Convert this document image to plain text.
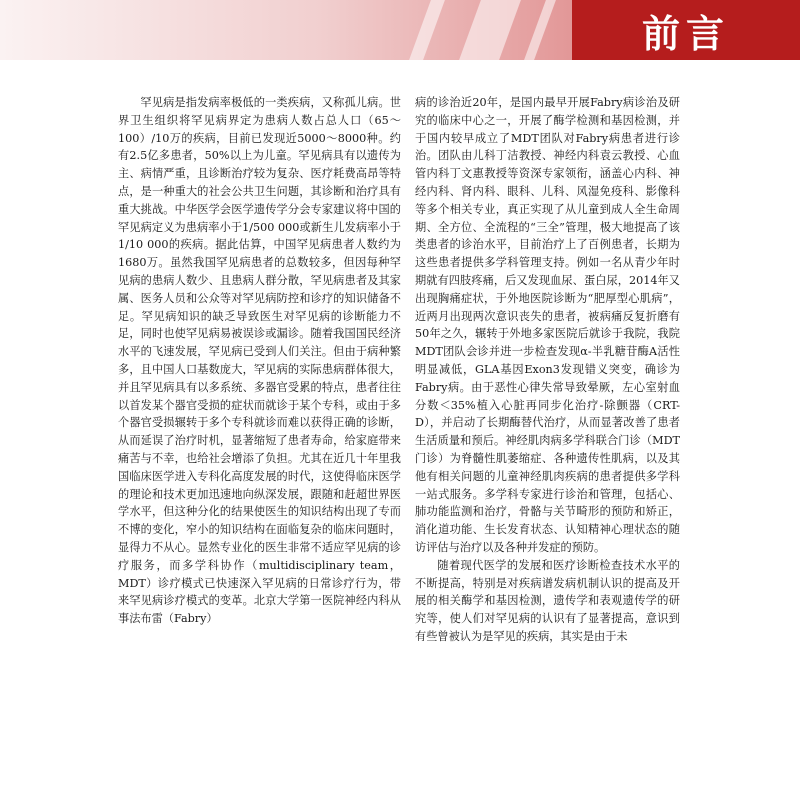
前言

罕见病是指发病率极低的一类疾病，又称孤儿病。世界卫生组织将罕见病界定为患病人数占总人口（65～100）/10万的疾病，目前已发现近5000～8000种。约有2.5亿多患者，50%以上为儿童。罕见病具有以遗传为主、病情严重，且诊断治疗较为复杂、医疗耗费高昂等特点，是一种重大的社会公共卫生问题，其诊断和治疗具有重大挑战。中华医学会医学遗传学分会专家建议将中国的罕见病定义为患病率小于1/500 000或新生儿发病率小于1/10 000的疾病。据此估算，中国罕见病患者人数约为1680万。虽然我国罕见病患者的总数较多，但因每种罕见病的患病人数少、且患病人群分散，罕见病患者及其家属、医务人员和公众等对罕见病防控和诊疗的知识储备不足。罕见病知识的缺乏导致医生对罕见病的诊断能力不足，同时也使罕见病易被误诊或漏诊。随着我国国民经济水平的飞速发展，罕见病已受到人们关注。但由于病种繁多，且中国人口基数庞大，罕见病的实际患病群体很大，并且罕见病具有以多系统、多器官受累的特点，患者往往以首发某个器官受损的症状而就诊于某个专科，或由于多个器官受损辗转于多个专科就诊而难以获得正确的诊断，从而延误了治疗时机，显著缩短了患者寿命，给家庭带来痛苦与不幸，也给社会增添了负担。尤其在近几十年里我国临床医学进入专科化高度发展的时代，这使得临床医学的理论和技术更加迅速地向纵深发展，跟随和赶超世界医学水平，但这种分化的结果使医生的知识结构出现了专而不博的变化，窄小的知识结构在面临复杂的临床问题时，显得力不从心。显然专业化的医生非常不适应罕见病的诊疗服务，而多学科协作（multidisciplinary team，MDT）诊疗模式已快速深入罕见病的日常诊疗行为，带来罕见病诊疗模式的变革。北京大学第一医院神经内科从事法布雷（Fabry）

病的诊治近20年，是国内最早开展Fabry病诊治及研究的临床中心之一，开展了酶学检测和基因检测，并于国内较早成立了MDT团队对Fabry病患者进行诊治。团队由儿科丁洁教授、神经内科袁云教授、心血管内科丁文惠教授等资深专家领衔，涵盖心内科、神经内科、肾内科、眼科、儿科、风湿免疫科、影像科等多个相关专业，真正实现了从儿童到成人全生命周期、全方位、全流程的“三全”管理，极大地提高了该类患者的诊治水平，目前治疗上了百例患者，长期为这些患者提供多学科管理支持。例如一名从青少年时期就有四肢疼痛，后又发现血尿、蛋白尿，2014年又出现胸痛症状，于外地医院诊断为“肥厚型心肌病”，近两月出现两次意识丧失的患者，被病痛反复折磨有50年之久，辗转于外地多家医院后就诊于我院，我院MDT团队会诊并进一步检查发现α-半乳糖苷酶A活性明显减低，GLA基因Exon3发现错义突变，确诊为Fabry病。由于恶性心律失常导致晕厥，左心室射血分数＜35%植入心脏再同步化治疗-除颤器（CRT-D），并启动了长期酶替代治疗，从而显著改善了患者生活质量和预后。神经肌肉病多学科联合门诊（MDT门诊）为脊髓性肌萎缩症、各种遗传性肌病，以及其他有相关问题的儿童神经肌肉疾病的患者提供多学科一站式服务。多学科专家进行诊治和管理，包括心、肺功能监测和治疗，骨骼与关节畸形的预防和矫正，消化道功能、生长发育状态、认知精神心理状态的随访评估与治疗以及各种并发症的预防。

随着现代医学的发展和医疗诊断检查技术水平的不断提高，特别是对疾病谱发病机制认识的提高及开展的相关酶学和基因检测，遗传学和表观遗传学的研究等，使人们对罕见病的认识有了显著提高，意识到有些曾被认为是罕见的疾病，其实是由于未
